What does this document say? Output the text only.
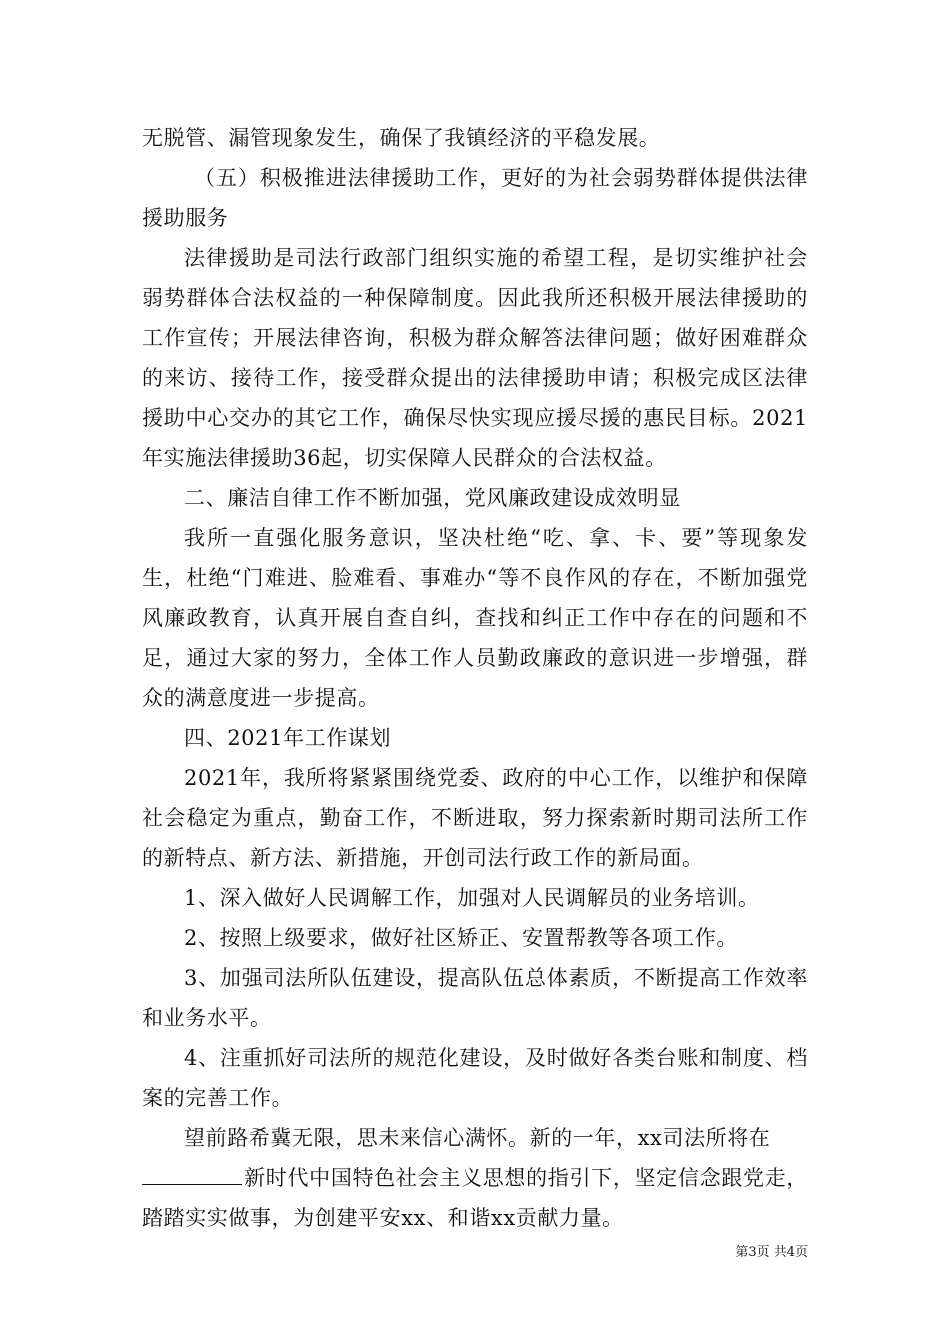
无脱管、漏管现象发生，确保了我镇经济的平稳发展。

（五）积极推进法律援助工作，更好的为社会弱势群体提供法律援助服务

法律援助是司法行政部门组织实施的希望工程，是切实维护社会弱势群体合法权益的一种保障制度。因此我所还积极开展法律援助的工作宣传；开展法律咨询，积极为群众解答法律问题；做好困难群众的来访、接待工作，接受群众提出的法律援助申请；积极完成区法律援助中心交办的其它工作，确保尽快实现应援尽援的惠民目标。2021年实施法律援助36起，切实保障人民群众的合法权益。

二、廉洁自律工作不断加强，党风廉政建设成效明显

我所一直强化服务意识，坚决杜绝“吃、拿、卡、要”等现象发生，杜绝“门难进、脸难看、事难办“等不良作风的存在，不断加强党风廉政教育，认真开展自查自纠，查找和纠正工作中存在的问题和不足，通过大家的努力，全体工作人员勤政廉政的意识进一步增强，群众的满意度进一步提高。

四、2021年工作谋划

2021年，我所将紧紧围绕党委、政府的中心工作，以维护和保障社会稳定为重点，勤奋工作，不断进取，努力探索新时期司法所工作的新特点、新方法、新措施，开创司法行政工作的新局面。

1、深入做好人民调解工作，加强对人民调解员的业务培训。

2、按照上级要求，做好社区矫正、安置帮教等各项工作。

3、加强司法所队伍建设，提高队伍总体素质，不断提高工作效率和业务水平。

4、注重抓好司法所的规范化建设，及时做好各类台账和制度、档案的完善工作。

望前路希冀无限，思未来信心满怀。新的一年，xx司法所将在
新时代中国特色社会主义思想的指引下，坚定信念跟党走，踏踏实实做事，为创建平安xx、和谐xx贡献力量。

第3页 共4页
